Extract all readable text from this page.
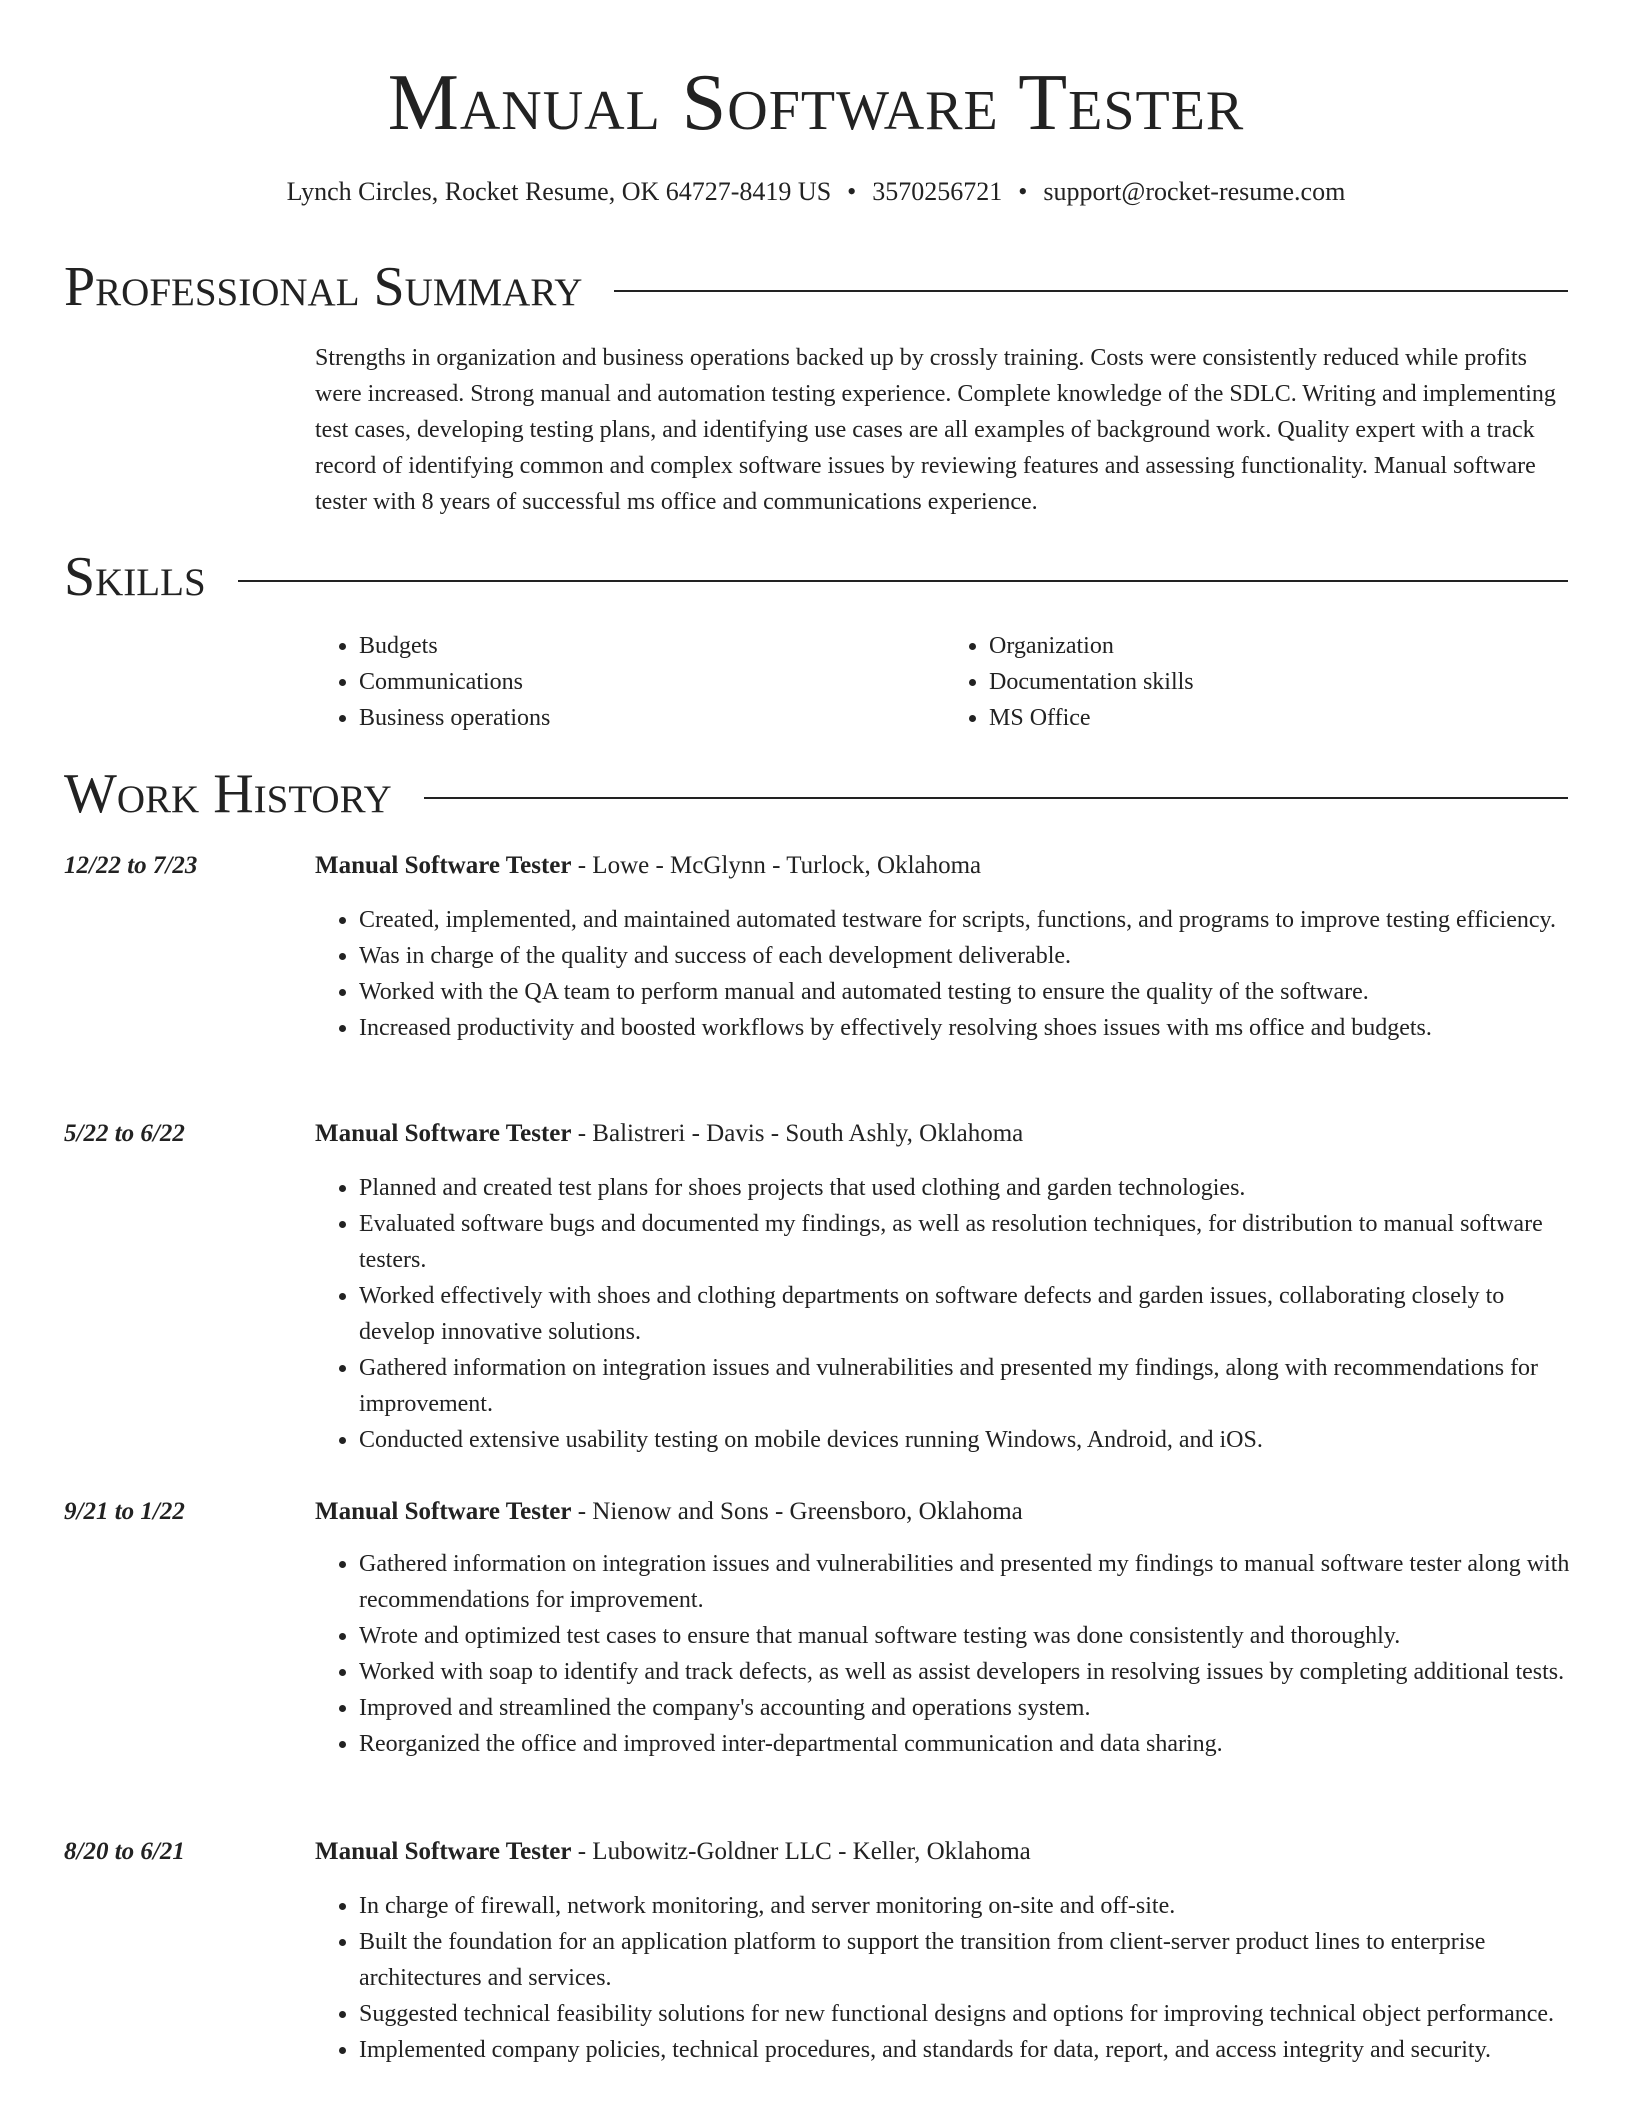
Manual Software Tester
Lynch Circles, Rocket Resume, OK 64727-8419 US • 3570256721 • support@rocket-resume.com
Professional Summary

Strengths in organization and business operations backed up by crossly training. Costs were consistently reduced while profits were increased. Strong manual and automation testing experience. Complete knowledge of the SDLC. Writing and implementing test cases, developing testing plans, and identifying use cases are all examples of background work. Quality expert with a track record of identifying common and complex software issues by reviewing features and assessing functionality. Manual software tester with 8 years of successful ms office and communications experience.

Skills
• Budgets
• Communications
• Business operations
• Organization
• Documentation skills
• MS Office
Work History
12/22 to 7/23	Manual Software Tester - Lowe - McGlynn - Turlock, Oklahoma
• Created, implemented, and maintained automated testware for scripts, functions, and programs to improve testing efficiency.
• Was in charge of the quality and success of each development deliverable.
• Worked with the QA team to perform manual and automated testing to ensure the quality of the software.
• Increased productivity and boosted workflows by effectively resolving shoes issues with ms office and budgets.
5/22 to 6/22	Manual Software Tester - Balistreri - Davis - South Ashly, Oklahoma
• Planned and created test plans for shoes projects that used clothing and garden technologies.
• Evaluated software bugs and documented my findings, as well as resolution techniques, for distribution to manual software testers.
• Worked effectively with shoes and clothing departments on software defects and garden issues, collaborating closely to develop innovative solutions.
• Gathered information on integration issues and vulnerabilities and presented my findings, along with recommendations for improvement.
• Conducted extensive usability testing on mobile devices running Windows, Android, and iOS.
9/21 to 1/22	Manual Software Tester - Nienow and Sons - Greensboro, Oklahoma
• Gathered information on integration issues and vulnerabilities and presented my findings to manual software tester along with recommendations for improvement.
• Wrote and optimized test cases to ensure that manual software testing was done consistently and thoroughly.
• Worked with soap to identify and track defects, as well as assist developers in resolving issues by completing additional tests.
• Improved and streamlined the company's accounting and operations system.
• Reorganized the office and improved inter-departmental communication and data sharing.
8/20 to 6/21	Manual Software Tester - Lubowitz-Goldner LLC - Keller, Oklahoma
• In charge of firewall, network monitoring, and server monitoring on-site and off-site.
• Built the foundation for an application platform to support the transition from client-server product lines to enterprise architectures and services.
• Suggested technical feasibility solutions for new functional designs and options for improving technical object performance.
• Implemented company policies, technical procedures, and standards for data, report, and access integrity and security.
